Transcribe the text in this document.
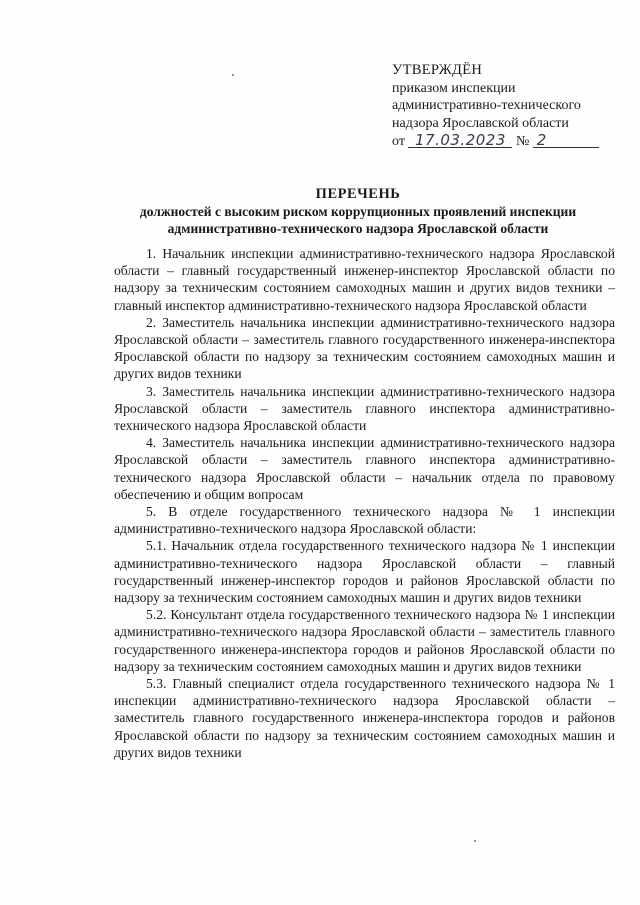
УТВЕРЖДЁН
приказом инспекции
административно-технического
надзора Ярославской области
от 17.03.2023 № 2
ПЕРЕЧЕНЬ
должностей с высоким риском коррупционных проявлений инспекции
административно-технического надзора Ярославской области

1. Начальник инспекции административно-технического надзора Ярославской области – главный государственный инженер-инспектор Ярославской области по надзору за техническим состоянием самоходных машин и других видов техники – главный инспектор административно-технического надзора Ярославской области

2. Заместитель начальника инспекции административно-технического надзора Ярославской области – заместитель главного государственного инженера-инспектора Ярославской области по надзору за техническим состоянием самоходных машин и других видов техники

3. Заместитель начальника инспекции административно-технического надзора Ярославской области – заместитель главного инспектора административно-технического надзора Ярославской области

4. Заместитель начальника инспекции административно-технического надзора Ярославской области – заместитель главного инспектора административно-технического надзора Ярославской области – начальник отдела по правовому обеспечению и общим вопросам

5. В отделе государственного технического надзора № 1 инспекции административно-технического надзора Ярославской области:

5.1. Начальник отдела государственного технического надзора № 1 инспекции административно-технического надзора Ярославской области – главный государственный инженер-инспектор городов и районов Ярославской области по надзору за техническим состоянием самоходных машин и других видов техники

5.2. Консультант отдела государственного технического надзора № 1 инспекции административно-технического надзора Ярославской области – заместитель главного государственного инженера-инспектора городов и районов Ярославской области по надзору за техническим состоянием самоходных машин и других видов техники

5.3. Главный специалист отдела государственного технического надзора № 1 инспекции административно-технического надзора Ярославской области – заместитель главного государственного инженера-инспектора городов и районов Ярославской области по надзору за техническим состоянием самоходных машин и других видов техники
